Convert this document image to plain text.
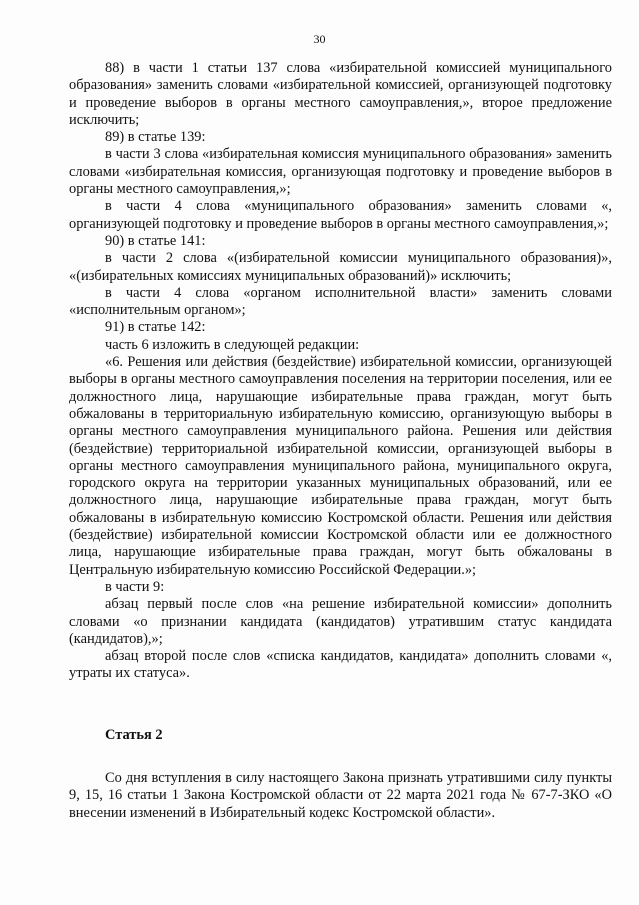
30

88) в части 1 статьи 137 слова «избирательной комиссией муниципального образования» заменить словами «избирательной комиссией, организующей подготовку и проведение выборов в органы местного самоуправления,», второе предложение исключить;

89) в статье 139:

в части 3 слова «избирательная комиссия муниципального образования» заменить словами «избирательная комиссия, организующая подготовку и проведение выборов в органы местного самоуправления,»;

в части 4 слова «муниципального образования» заменить словами «, организующей подготовку и проведение выборов в органы местного самоуправления,»;

90) в статье 141:

в части 2 слова «(избирательной комиссии муниципального образования)», «(избирательных комиссиях муниципальных образований)» исключить;

в части 4 слова «органом исполнительной власти» заменить словами «исполнительным органом»;

91) в статье 142:

часть 6 изложить в следующей редакции:

«6. Решения или действия (бездействие) избирательной комиссии, организующей выборы в органы местного самоуправления поселения на территории поселения, или ее должностного лица, нарушающие избирательные права граждан, могут быть обжалованы в территориальную избирательную комиссию, организующую выборы в органы местного самоуправления муниципального района. Решения или действия (бездействие) территориальной избирательной комиссии, организующей выборы в органы местного самоуправления муниципального района, муниципального округа, городского округа на территории указанных муниципальных образований, или ее должностного лица, нарушающие избирательные права граждан, могут быть обжалованы в избирательную комиссию Костромской области. Решения или действия (бездействие) избирательной комиссии Костромской области или ее должностного лица, нарушающие избирательные права граждан, могут быть обжалованы в Центральную избирательную комиссию Российской Федерации.»;

в части 9:

абзац первый после слов «на решение избирательной комиссии» дополнить словами «о признании кандидата (кандидатов) утратившим статус кандидата (кандидатов),»;

абзац второй после слов «списка кандидатов, кандидата» дополнить словами «, утраты их статуса».

Статья 2

Со дня вступления в силу настоящего Закона признать утратившими силу пункты 9, 15, 16 статьи 1 Закона Костромской области от 22 марта 2021 года № 67-7-ЗКО «О внесении изменений в Избирательный кодекс Костромской области».
